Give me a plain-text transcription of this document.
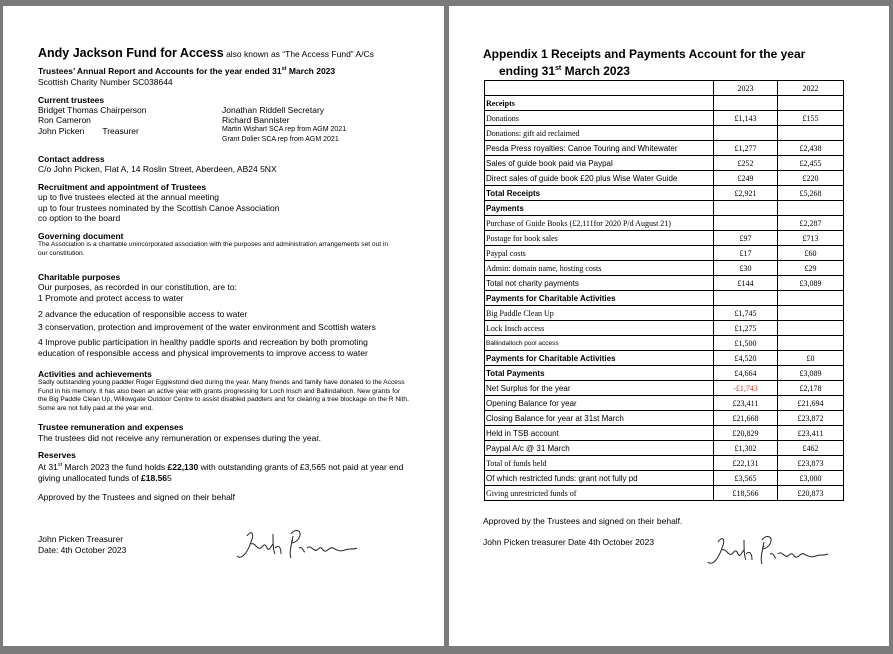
Andy Jackson Fund for Access also known as “The Access Fund” A/Cs
Trustees’ Annual Report and Accounts for the year ended 31st March 2023
Scottish Charity Number SC038644
Current trustees
Bridget Thomas Chairperson
Ron Cameron
John Picken Treasurer
Jonathan Riddell Secretary
Richard Bannister
Martin Wishart SCA rep from AGM 2021
Grant Dolier SCA rep from AGM 2021
Contact address
C/o John Picken, Flat A, 14 Roslin Street, Aberdeen, AB24 5NX
Recruitment and appointment of Trustees
up to five trustees elected at the annual meeting
up to four trustees nominated by the Scottish Canoe Association
co option to the board
Governing document
The Association is a charitable unincorporated association with the purposes and administration arrangements set out in our constitution.
Charitable purposes
Our purposes, as recorded in our constitution, are to:
1 Promote and protect access to water
2 advance the education of responsible access to water
3 conservation, protection and improvement of the water environment and Scottish waters
4 Improve public participation in healthy paddle sports and recreation by both promoting education of responsible access and physical improvements to improve access to water
Activities and achievements
Sadly outstanding young paddler Roger Egglestond died during the year. Many friends and family have donated to the Access Fund in his memory. It has also been an active year with grants progressing for Loch Insch and Ballindalloch. New grants for the Big Paddle Clean Up, Willowgate Outdoor Centre to assist disabled paddlers and for clearing a tree blockage on the R Nith. Some are not fully paid at the year end.
Trustee remuneration and expenses
The trustees did not receive any remuneration or expenses during the year.
Reserves
At 31st March 2023 the fund holds £22,130 with outstanding grants of £3,565 not paid at year end giving unallocated funds of £18.565
Approved by the Trustees and signed on their behalf
John Picken Treasurer
Date: 4th October 2023
Appendix 1 Receipts and Payments Account for the year
ending 31st March 2023
	2023	2022
Receipts		
Donations	£1,143	£155
Donations: gift aid reclaimed		
Pesda Press royalties: Canoe Touring and Whitewater	£1,277	£2,438
Sales of guide book paid via Paypal	£252	£2,455
Direct sales of guide book £20 plus Wise Water Guide	£249	£220
Total Receipts	£2,921	£5,268
Payments		
Purchase of Guide Books (£2,111for 2020 P/d August 21)		£2,287
Postage for book sales	£97	£713
Paypal costs	£17	£60
Admin: domain name, hosting costs	£30	£29
Total not charity payments	£144	£3,089
Payments for Charitable Activities		
Big Paddle Clean Up	£1,745	
Lock Insch access	£1,275	
Ballindalloch pool access	£1,500	
Payments for Charitable Activities	£4,520	£0
Total Payments	£4,664	£3,089
Net Surplus for the year	-£1,743	£2,178
Opening Balance for year	£23,411	£21,694
Closing Balance for year at 31st March	£21,668	£23,872
Held in TSB account	£20,829	£23,411
Paypal A/c @ 31 March	£1,302	£462
Total of funds held	£22,131	£23,873
Of which restricted funds: grant not fully pd	£3,565	£3,000
Giving unrestricted funds of	£18,566	£20,873
Approved by the Trustees and signed on their behalf.
John Picken treasurer Date 4th October 2023
